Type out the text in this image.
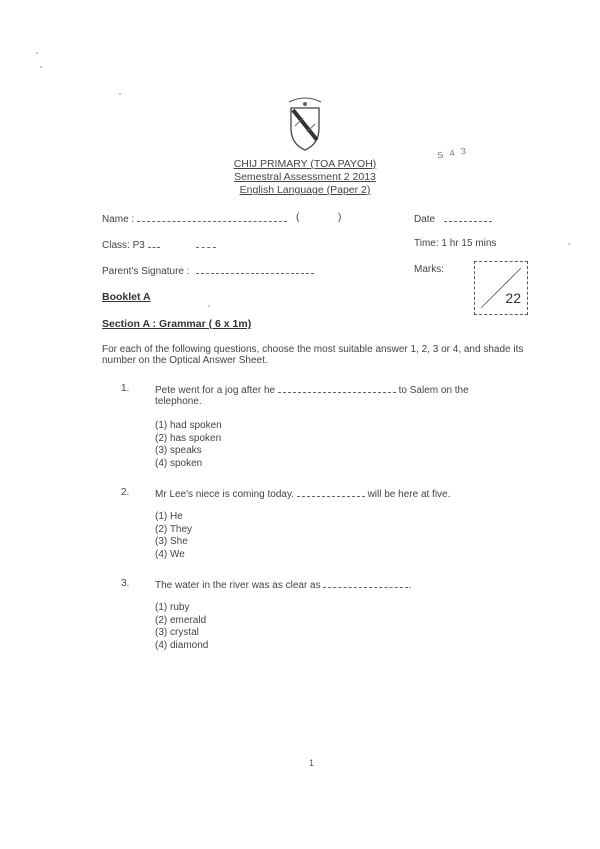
CHIJ PRIMARY (TOA PAYOH)
Semestral Assessment 2 2013
English Language (Paper 2)
S 4 3
Name :	(	)	Date
Class: P3	Time: 1 hr 15 mins
Parent's Signature :	Marks:
22
Booklet A
Section A : Grammar ( 6 x 1m)
For each of the following questions, choose the most suitable answer 1, 2, 3 or 4, and shade its number on the Optical Answer Sheet.
1.	Pete went for a jog after he	to Salem on the
telephone.
(1) had spoken
(2) has spoken
(3) speaks
(4) spoken
2.	Mr Lee's niece is coming today.	will be here at five.
(1) He
(2) They
(3) She
(4) We
3.	The water in the river was as clear as	.
(1) ruby
(2) emerald
(3) crystal
(4) diamond
1
